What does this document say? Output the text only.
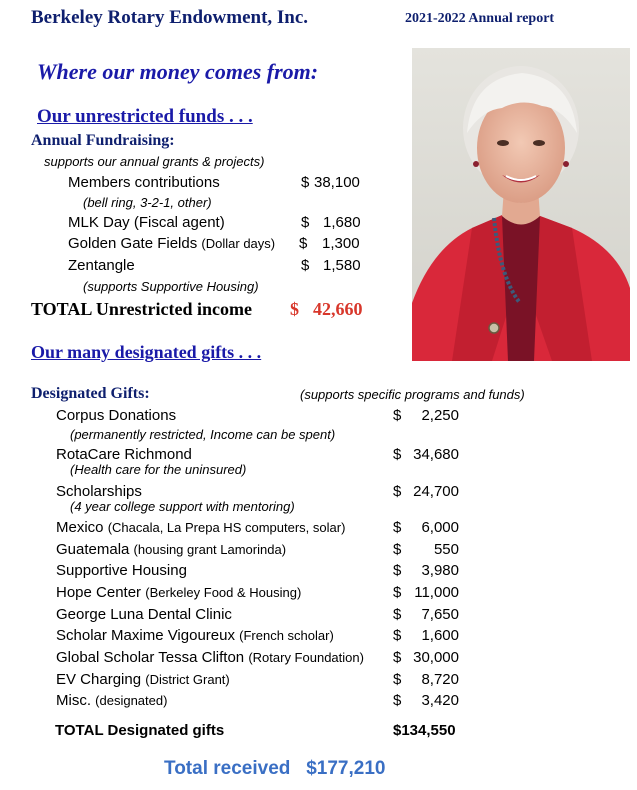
Berkeley Rotary Endowment, Inc.	2021-2022 Annual report
Where our money comes from:
Our unrestricted funds . . .
Annual Fundraising:
supports our annual grants & projects)
Members contributions	$ 38,100
(bell ring, 3-2-1, other)
MLK Day (Fiscal agent)	$ 1,680
Golden Gate Fields (Dollar days) $ 1,300
Zentangle	$ 1,580
(supports Supportive Housing)
TOTAL Unrestricted income $ 42,660
Our many designated gifts . . .
Designated Gifts:	(supports specific programs and funds)
Corpus Donations	$ 2,250
(permanently restricted, Income can be spent)
RotaCare Richmond	$ 34,680
(Health care for the uninsured)
Scholarships	$ 24,700
(4 year college support with mentoring)
Mexico (Chacala, La Prepa HS computers, solar)	$ 6,000
Guatemala (housing grant Lamorinda)	$ 550
Supportive Housing	$ 3,980
Hope Center (Berkeley Food & Housing)	$ 11,000
George Luna Dental Clinic	$ 7,650
Scholar Maxime Vigoureux (French scholar)	$ 1,600
Global Scholar Tessa Clifton (Rotary Foundation) $ 30,000
EV Charging (District Grant)	$ 8,720
Misc. (designated)	$ 3,420
TOTAL Designated gifts	$134,550
Total received $177,210
